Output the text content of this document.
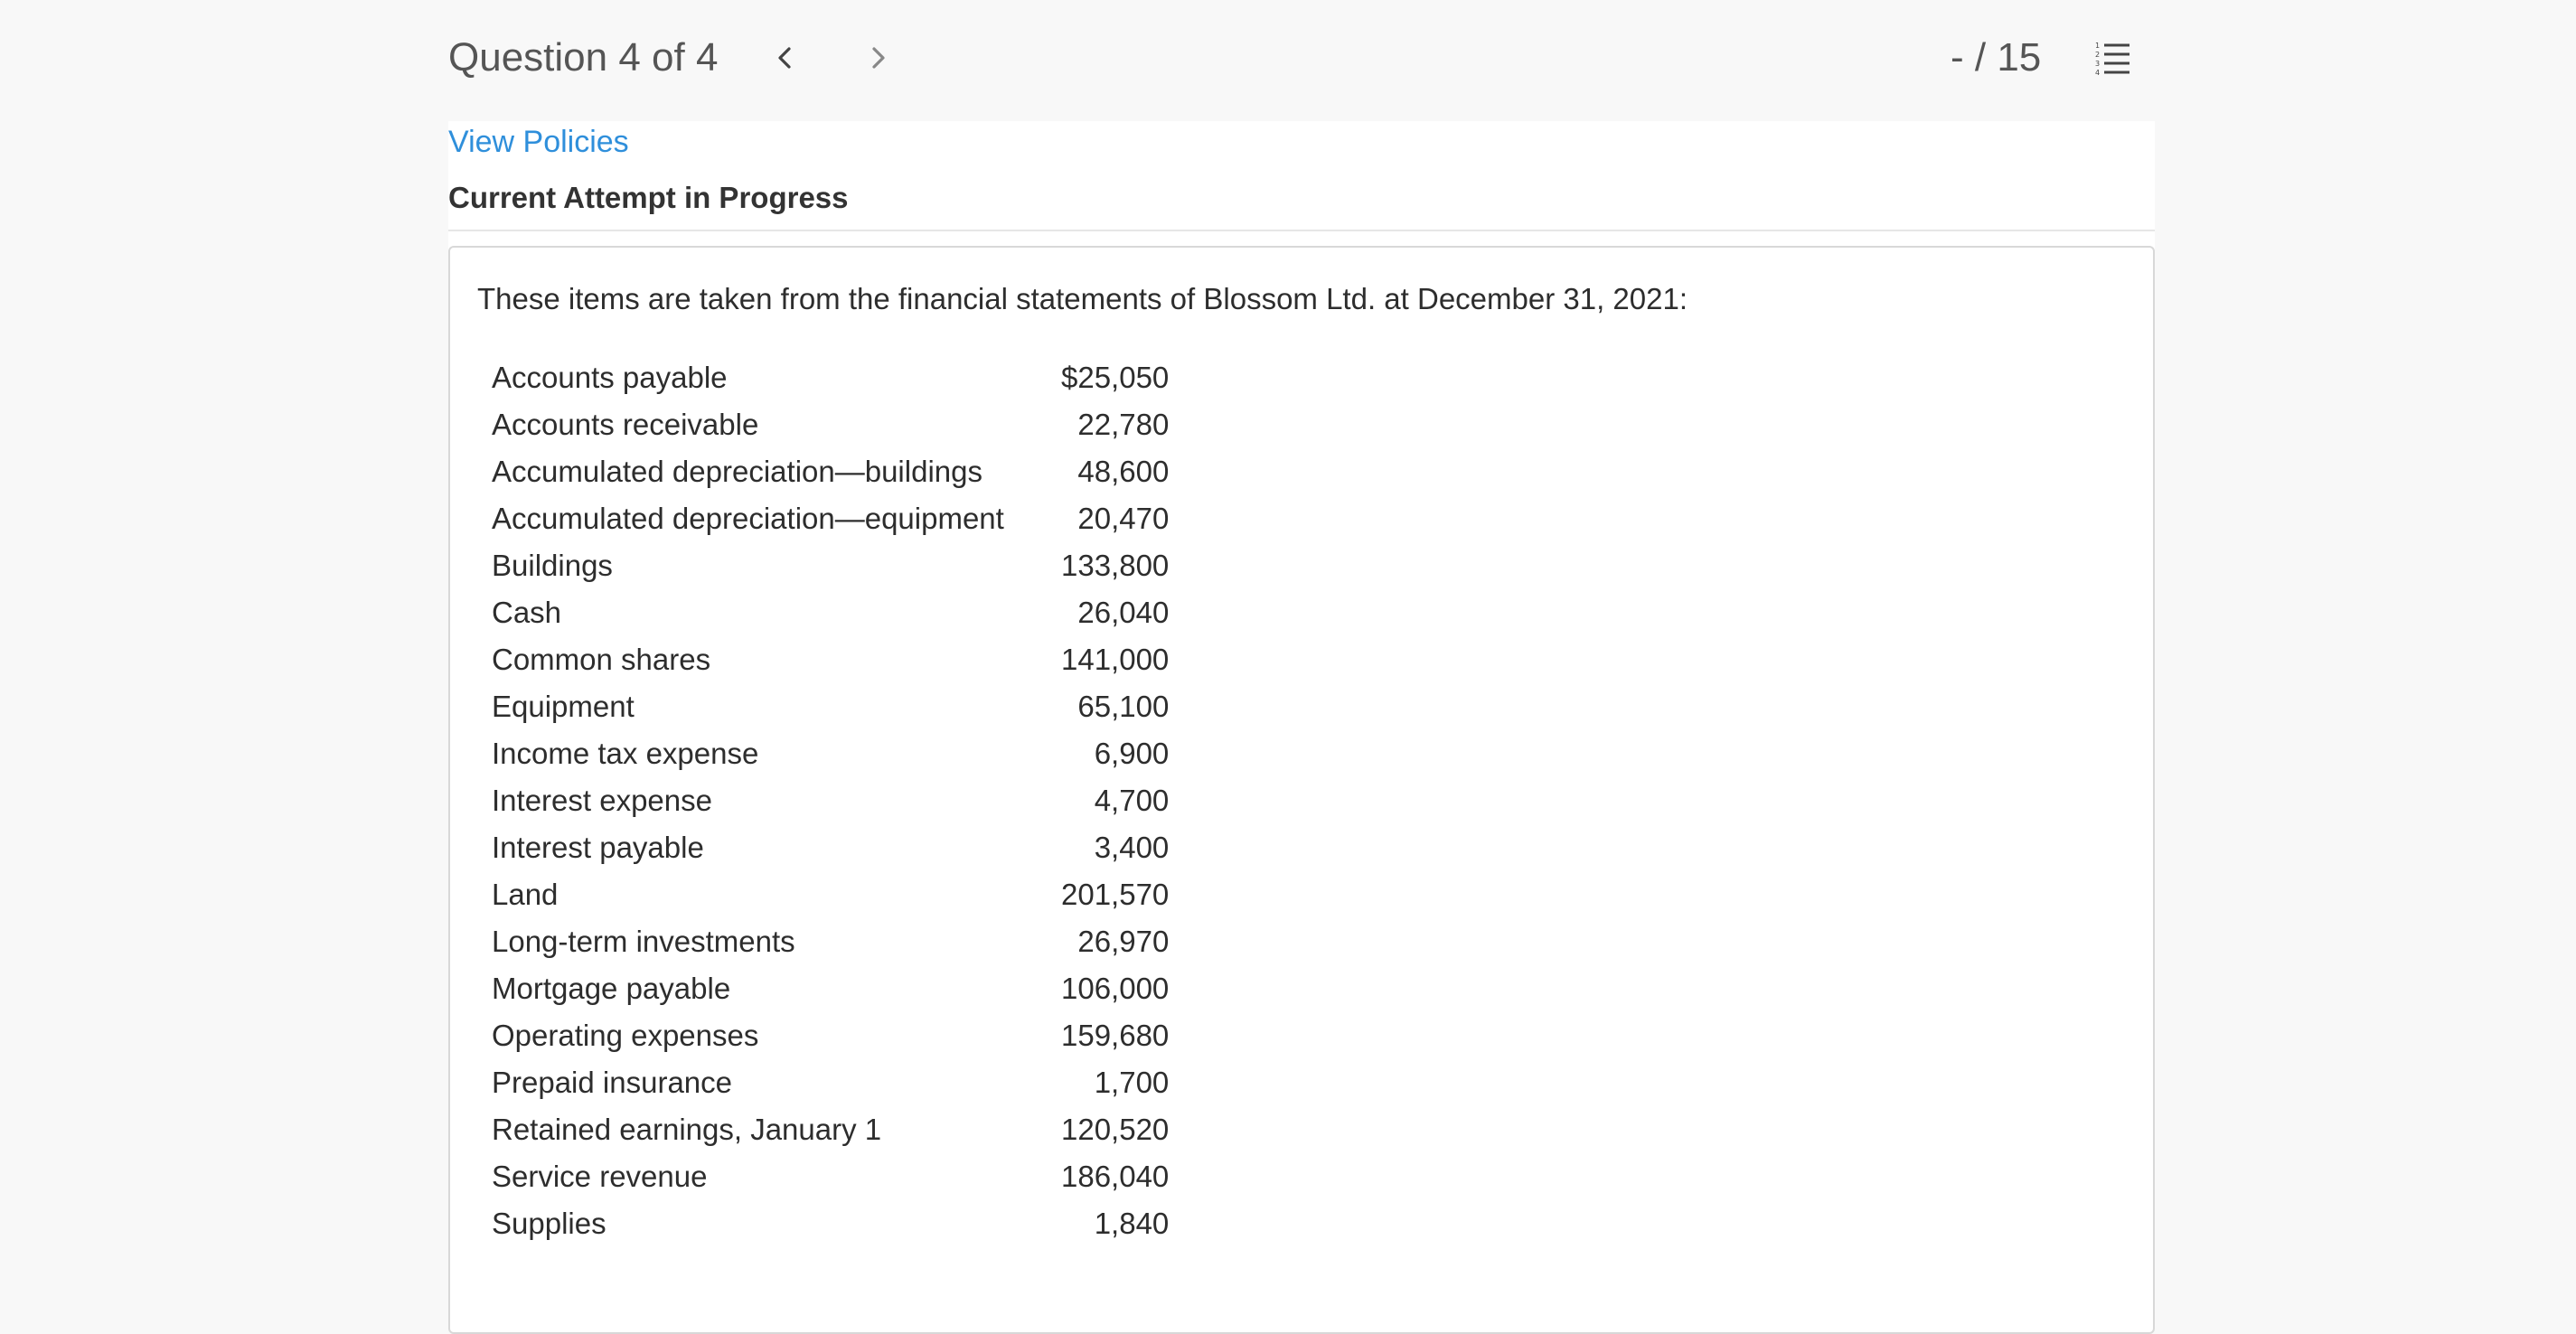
Question 4 of 4	- / 15	1
2
3
4
View Policies
Current Attempt in Progress
These items are taken from the financial statements of Blossom Ltd. at December 31, 2021:
Accounts payable	$25,050
Accounts receivable	22,780
Accumulated depreciation—buildings	48,600
Accumulated depreciation—equipment	20,470
Buildings	133,800
Cash	26,040
Common shares	141,000
Equipment	65,100
Income tax expense	6,900
Interest expense	4,700
Interest payable	3,400
Land	201,570
Long-term investments	26,970
Mortgage payable	106,000
Operating expenses	159,680
Prepaid insurance	1,700
Retained earnings, January 1	120,520
Service revenue	186,040
Supplies	1,840
